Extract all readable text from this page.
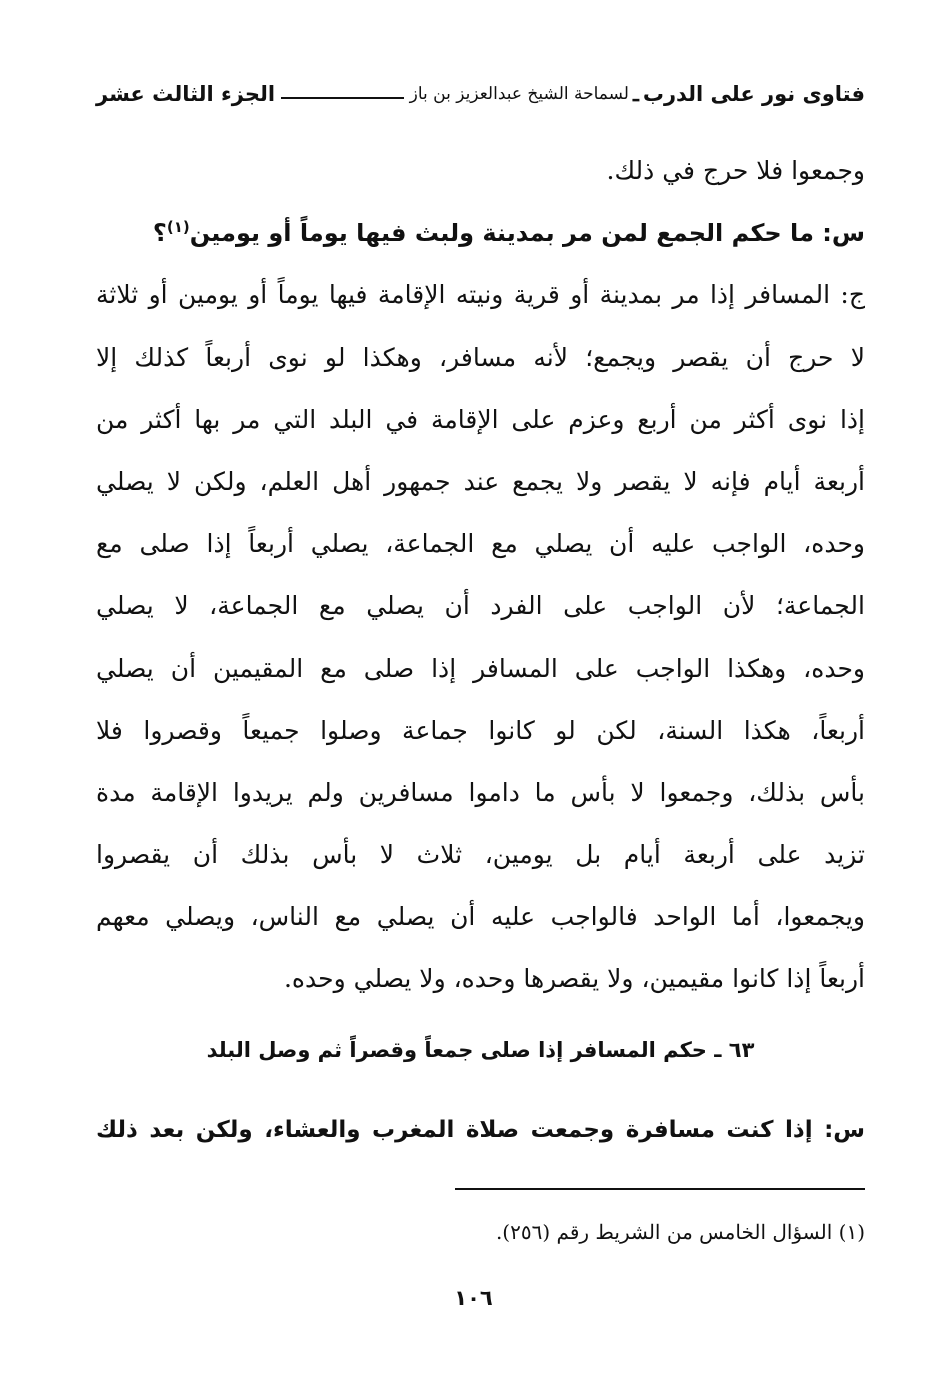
فتاوى نور على الدرب
ـ
لسماحة الشيخ عبدالعزيز بن باز
الجزء الثالث عشر
وجمعوا فلا حرج في ذلك.
س: ما حكم الجمع لمن مر بمدينة ولبث فيها يوماً أو يومين$^{(١)}$؟
ج: المسافر إذا مر بمدينة أو قرية ونيته الإقامة فيها يوماً أو يومين أو ثلاثة
لا حرج أن يقصر ويجمع؛ لأنه مسافر، وهكذا لو نوى أربعاً كذلك إلا
إذا نوى أكثر من أربع وعزم على الإقامة في البلد التي مر بها أكثر من
أربعة أيام فإنه لا يقصر ولا يجمع عند جمهور أهل العلم، ولكن لا يصلي
وحده، الواجب عليه أن يصلي مع الجماعة، يصلي أربعاً إذا صلى مع
الجماعة؛ لأن الواجب على الفرد أن يصلي مع الجماعة، لا يصلي
وحده، وهكذا الواجب على المسافر إذا صلى مع المقيمين أن يصلي
أربعاً، هكذا السنة، لكن لو كانوا جماعة وصلوا جميعاً وقصروا فلا
بأس بذلك، وجمعوا لا بأس ما داموا مسافرين ولم يريدوا الإقامة مدة
تزيد على أربعة أيام بل يومين، ثلاث لا بأس بذلك أن يقصروا
ويجمعوا، أما الواحد فالواجب عليه أن يصلي مع الناس، ويصلي معهم
أربعاً إذا كانوا مقيمين، ولا يقصرها وحده، ولا يصلي وحده.
٦٣ ـ حكم المسافر إذا صلى جمعاً وقصراً ثم وصل البلد
س: إذا كنت مسافرة وجمعت صلاة المغرب والعشاء، ولكن بعد ذلك
(١) السؤال الخامس من الشريط رقم (٢٥٦).
١٠٦
